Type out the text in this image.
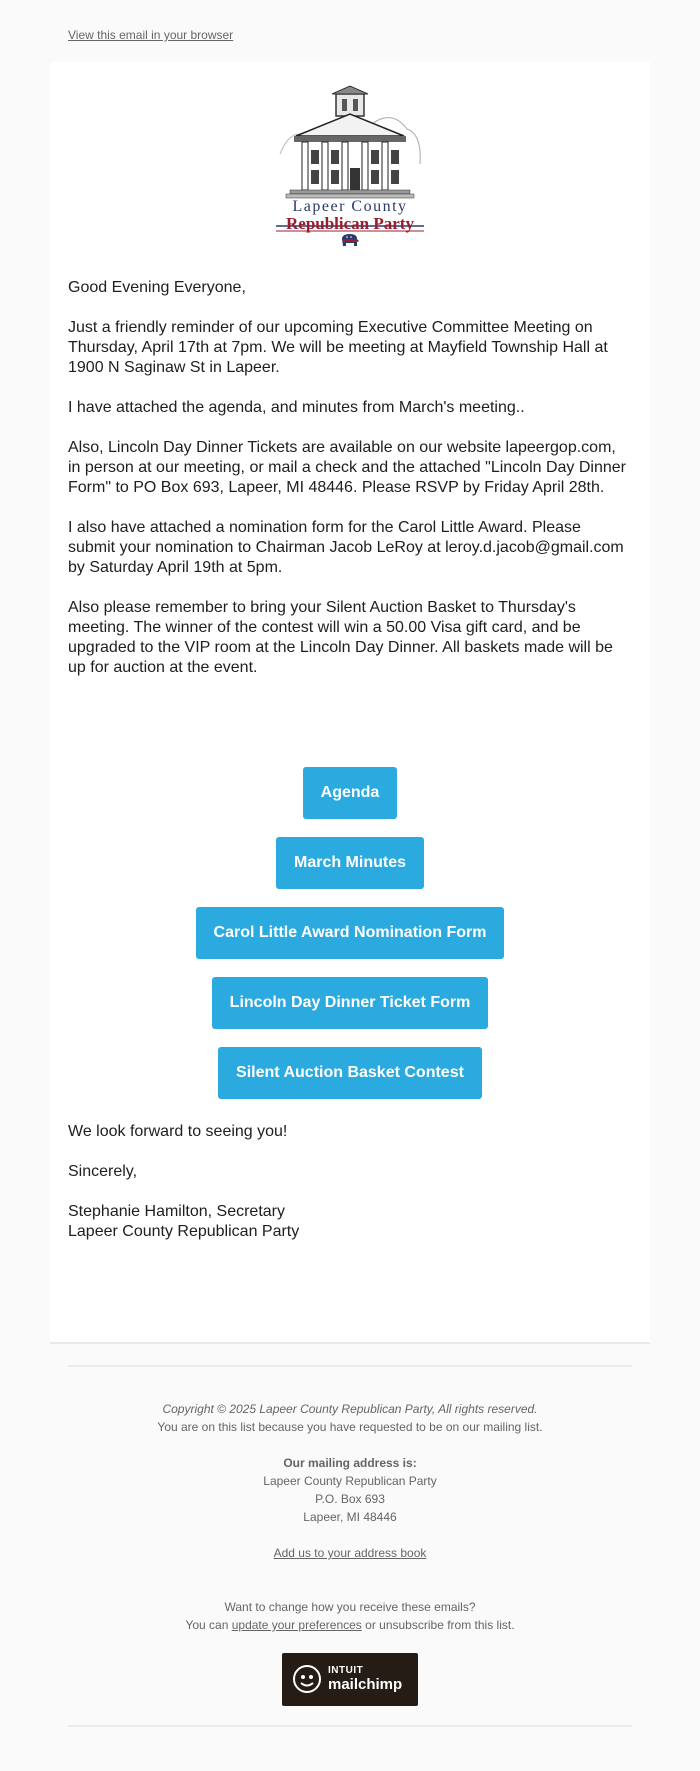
View this email in your browser
Lapeer County
Republican Party

Good Evening Everyone,

Just a friendly reminder of our upcoming Executive Committee Meeting on Thursday, April 17th at 7pm. We will be meeting at Mayfield Township Hall at 1900 N Saginaw St in Lapeer.

I have attached the agenda, and minutes from March's meeting..

Also, Lincoln Day Dinner Tickets are available on our website lapeergop.com, in person at our meeting, or mail a check and the attached "Lincoln Day Dinner Form" to PO Box 693, Lapeer, MI 48446. Please RSVP by Friday April 28th.

I also have attached a nomination form for the Carol Little Award. Please submit your nomination to Chairman Jacob LeRoy at leroy.d.jacob@gmail.com by Saturday April 19th at 5pm.

Also please remember to bring your Silent Auction Basket to Thursday's meeting. The winner of the contest will win a 50.00 Visa gift card, and be upgraded to the VIP room at the Lincoln Day Dinner. All baskets made will be up for auction at the event.

Agenda
March Minutes
Carol Little Award Nomination Form
Lincoln Day Dinner Ticket Form
Silent Auction Basket Contest

We look forward to seeing you!

Sincerely,

Stephanie Hamilton, Secretary
Lapeer County Republican Party

Copyright © 2025 Lapeer County Republican Party, All rights reserved.
You are on this list because you have requested to be on our mailing list.
Our mailing address is:
Lapeer County Republican Party
P.O. Box 693
Lapeer, MI 48446
Add us to your address book
Want to change how you receive these emails?
You can update your preferences or unsubscribe from this list.
INTUIT
mailchimp
